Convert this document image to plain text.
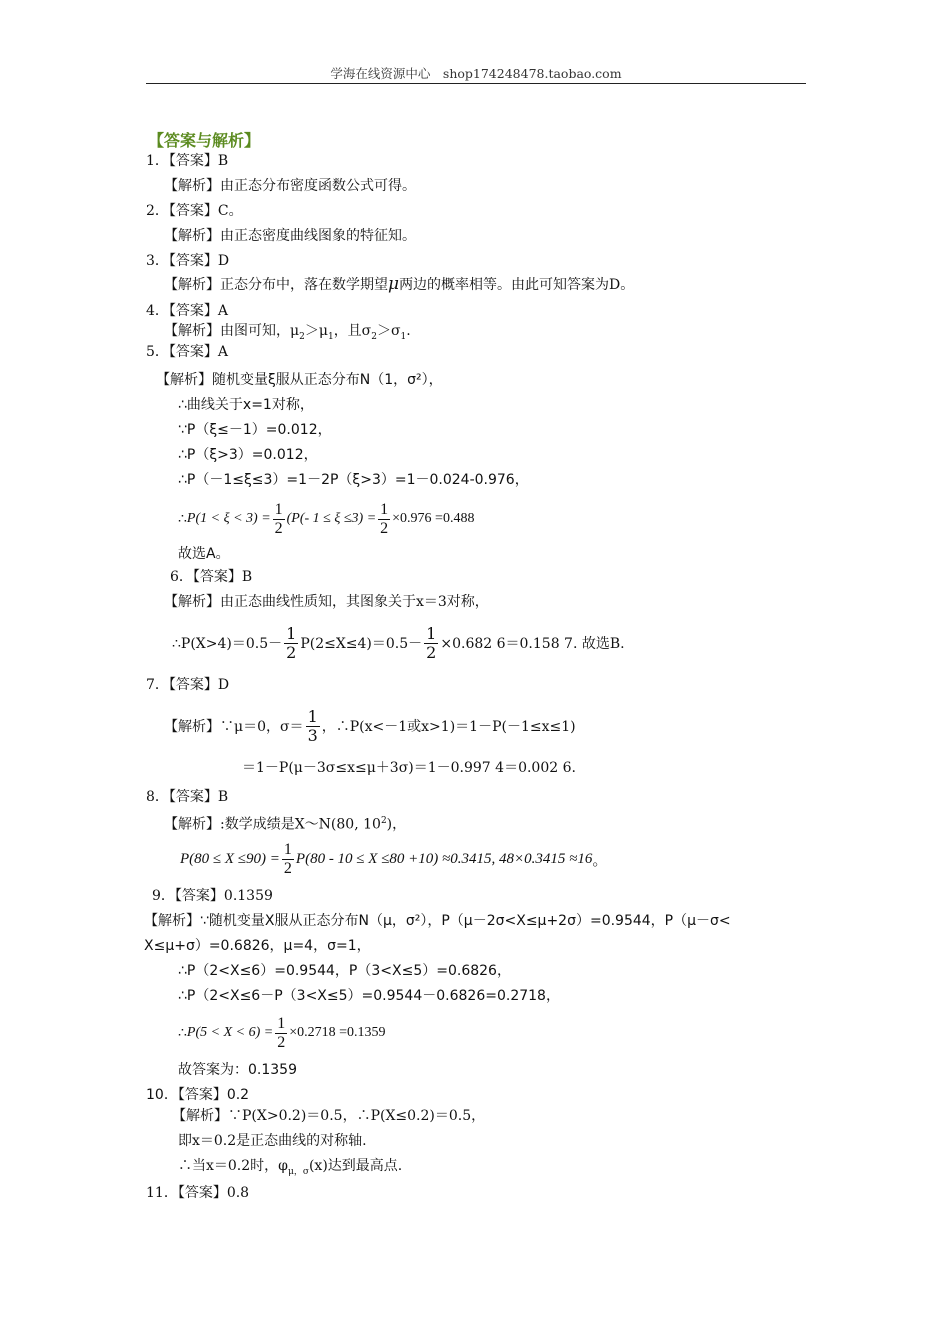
学海在线资源中心　shop174248478.taobao.com
【答案与解析】
1．【答案】B
【解析】由正态分布密度函数公式可得。
2．【答案】C。
【解析】由正态密度曲线图象的特征知。
3．【答案】D
【解析】正态分布中，落在数学期望μ两边的概率相等。由此可知答案为D。
4．【答案】A
【解析】由图可知，$\mu_2>\mu_1$，且$\sigma_2>\sigma_1$.
5．【答案】A
【解析】随机变量ξ服从正态分布N（1，σ²），
∴曲线关于x=1对称，
∵P（ξ≤－1）=0.012，
∴P（ξ>3）=0.012，
∴P（－1≤ξ≤3）=1－2P（ξ>3）=1－0.024-0.976，
∴ $P(1 < \xi < 3) = \frac{1}{2} (P(-$ $1 \le \xi \le 3) = \frac{1}{2} \times 0.976 =0.488$
故选A。
6．【答案】B
【解析】由正态曲线性质知，其图象关于x＝3对称，
∴P(X>4)＝0.5－ $\frac{1}{2} P(2\le X\le 4)=0.5- \frac{1}{2} \times 0.682$ 6＝0.158 7. 故选B.
7．【答案】D
【解析】∵μ＝0，$\sigma= \frac{1}{3}$ ，∴P(x<－1或x>1)＝1－P(－1≤x≤1)
＝1－P(μ－3σ≤x≤μ＋3σ)＝1－0.997 4＝0.002 6.
8．【答案】B
【解析】:数学成绩是X～N(80, $10^2$)，
$P(80 \le X \le 90) = \frac{1}{2} P(80 - 10 \le X \le 80 +10) \approx 0.3415$, 48×0.3415 ≈16 。
9．【答案】0.1359
【解析】∵随机变量X服从正态分布N（μ，σ²），P（μ－2σ<X≤μ+2σ）=0.9544，P（μ－σ<
X≤μ+σ）=0.6826，μ=4，σ=1，
∴P（2<X≤6）=0.9544，P（3<X≤5）=0.6826，
∴P（2<X≤6－P（3<X≤5）=0.9544－0.6826=0.2718，
∴ $P(5 < X < 6) = \frac{1}{2} \times 0.2718 =0.1359$
故答案为：0.1359
10．【答案】0.2
【解析】∵P(X>0.2)＝0.5，∴P(X≤0.2)＝0.5，
即x＝0.2是正态曲线的对称轴.
∴当x＝0.2时，$\varphi_{\mu,\sigma}(x)$达到最高点.
11．【答案】0.8
